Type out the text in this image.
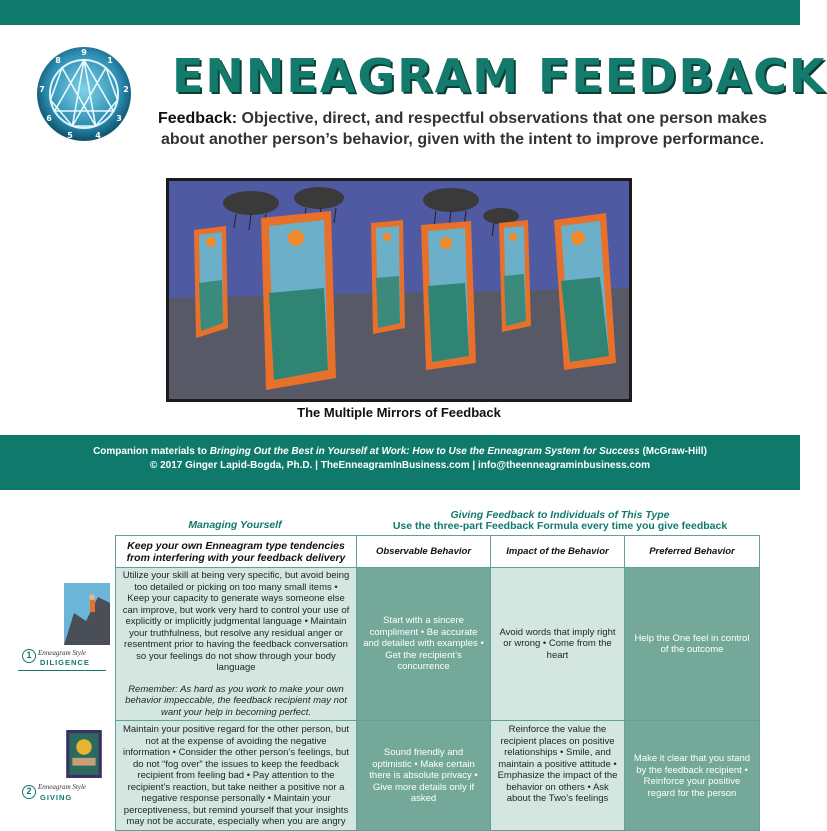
9
1
2
3
4
5
6
7
8 ENNEAGRAM FEEDBACK
Feedback: Objective, direct, and respectful observations that one person makes about another person’s behavior, given with the intent to improve performance.
The Multiple Mirrors of Feedback
Companion materials to Bringing Out the Best in Yourself at Work: How to Use the Enneagram System for Success (McGraw-Hill)
© 2017 Ginger Lapid-Bogda, Ph.D. | TheEnneagramInBusiness.com | info@theenneagraminbusiness.com
Managing Yourself
Giving Feedback to Individuals of This Type
Use the three-part Feedback Formula every time you give feedback
Keep your own Enneagram type tendencies from interfering with your feedback delivery	Observable Behavior	Impact of the Behavior	Preferred Behavior
Utilize your skill at being very specific, but avoid being too detailed or picking on too many small items • Keep your capacity to generate ways someone else can improve, but work very hard to control your use of explicitly or implicitly judgmental language • Maintain your truthfulness, but resolve any residual anger or resentment prior to having the feedback conversation so your feelings do not show through your body language
Remember: As hard as you work to make your own behavior impeccable, the feedback recipient may not want your help in becoming perfect.	Start with a sincere compliment • Be accurate and detailed with examples • Get the recipient’s concurrence	Avoid words that imply right or wrong • Come from the heart	Help the One feel in control of the outcome
Maintain your positive regard for the other person, but not at the expense of avoiding the negative information • Consider the other person’s feelings, but do not “fog over” the issues to keep the feedback recipient from feeling bad • Pay attention to the recipient’s reaction, but take neither a positive nor a negative response personally • Maintain your perceptiveness, but remind yourself that your insights may not be accurate, especially when you are angry	Sound friendly and optimistic • Make certain there is absolute privacy • Give more details only if asked	Reinforce the value the recipient places on positive relationships • Smile, and maintain a positive attitude • Emphasize the impact of the behavior on others • Ask about the Two’s feelings	Make it clear that you stand by the feedback recipient • Reinforce your positive regard for the person
1 Enneagram Style
DILIGENCE
2 Enneagram Style
GIVING
